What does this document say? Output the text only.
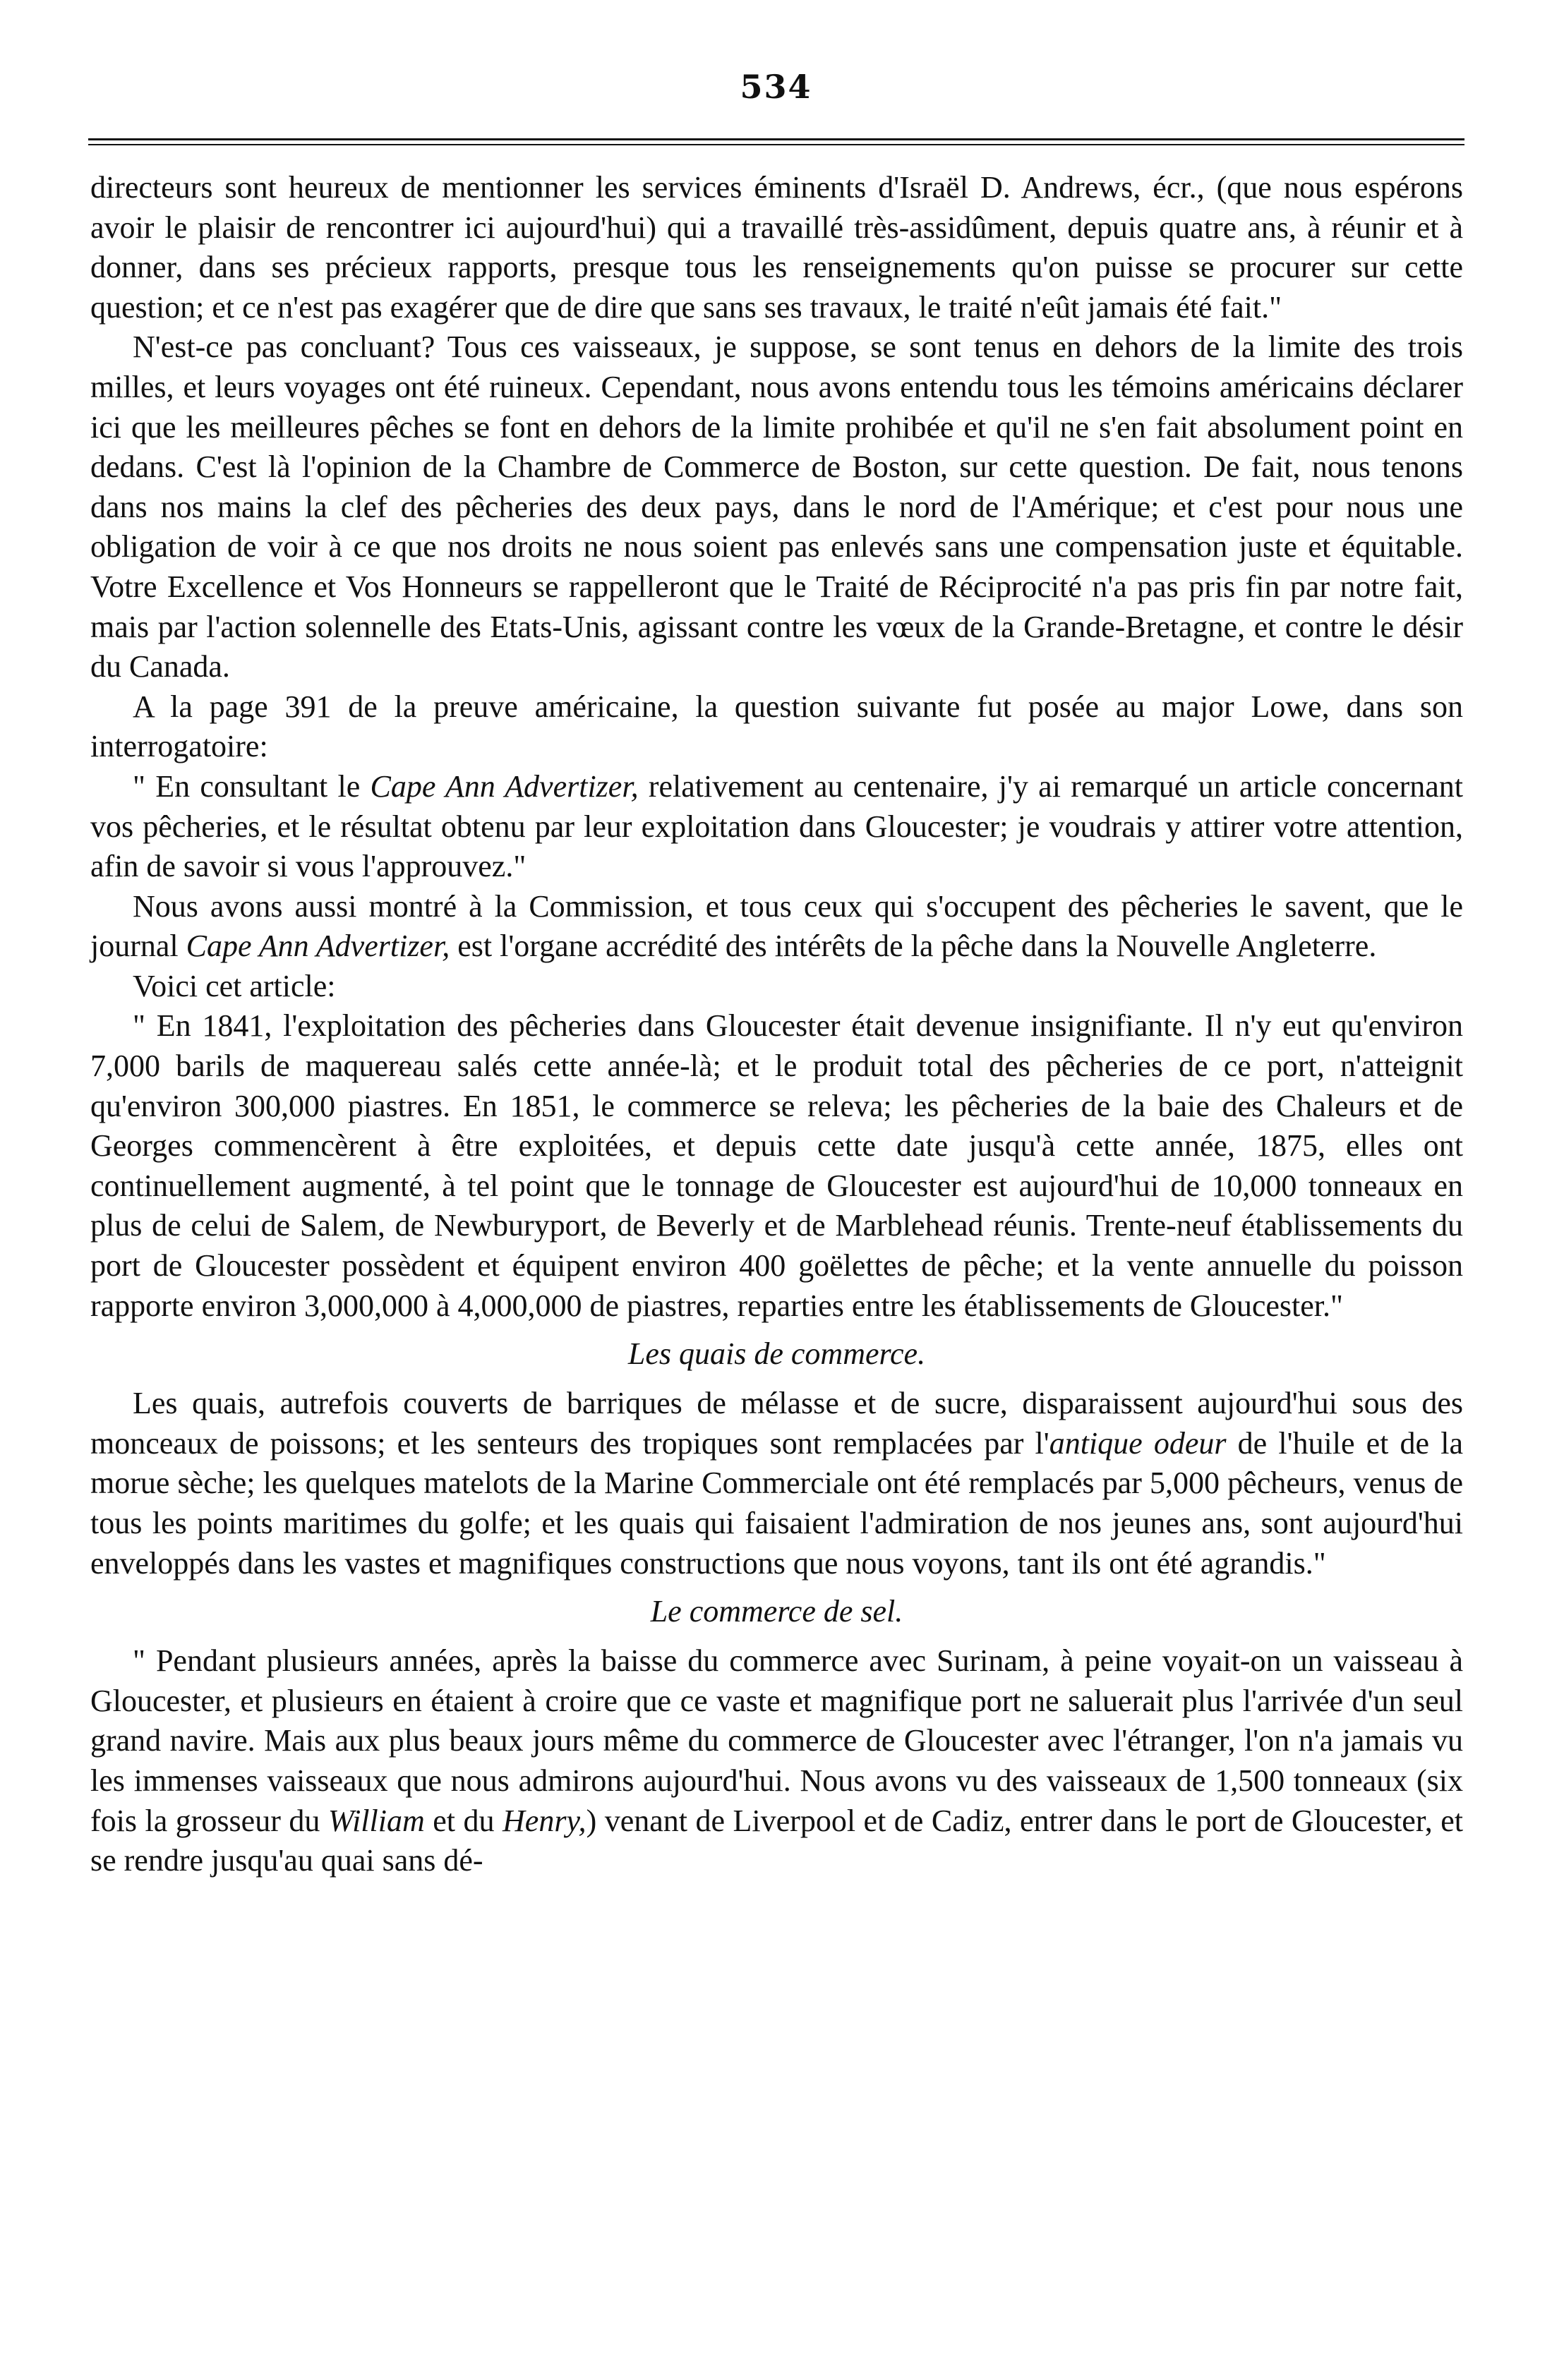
534

directeurs sont heureux de mentionner les services éminents d'Israël D. Andrews, écr., (que nous espérons avoir le plaisir de rencontrer ici aujourd'hui) qui a travaillé très-assidûment, depuis quatre ans, à réunir et à donner, dans ses précieux rapports, presque tous les renseignements qu'on puisse se procurer sur cette question; et ce n'est pas exagérer que de dire que sans ses travaux, le traité n'eût jamais été fait."

N'est-ce pas concluant? Tous ces vaisseaux, je suppose, se sont tenus en dehors de la limite des trois milles, et leurs voyages ont été ruineux. Cependant, nous avons entendu tous les témoins américains déclarer ici que les meilleures pêches se font en dehors de la limite prohibée et qu'il ne s'en fait absolument point en dedans. C'est là l'opinion de la Chambre de Commerce de Boston, sur cette question. De fait, nous tenons dans nos mains la clef des pêcheries des deux pays, dans le nord de l'Amérique; et c'est pour nous une obligation de voir à ce que nos droits ne nous soient pas enlevés sans une compensation juste et équitable. Votre Excellence et Vos Honneurs se rappelleront que le Traité de Réciprocité n'a pas pris fin par notre fait, mais par l'action solennelle des Etats-Unis, agissant contre les vœux de la Grande-Bretagne, et contre le désir du Canada.

A la page 391 de la preuve américaine, la question suivante fut posée au major Lowe, dans son interrogatoire:

" En consultant le Cape Ann Advertizer, relativement au centenaire, j'y ai remarqué un article concernant vos pêcheries, et le résultat obtenu par leur exploitation dans Gloucester; je voudrais y attirer votre attention, afin de savoir si vous l'approuvez."

Nous avons aussi montré à la Commission, et tous ceux qui s'occupent des pêcheries le savent, que le journal Cape Ann Advertizer, est l'organe accrédité des intérêts de la pêche dans la Nouvelle Angleterre.

Voici cet article:

" En 1841, l'exploitation des pêcheries dans Gloucester était devenue insignifiante. Il n'y eut qu'environ 7,000 barils de maquereau salés cette année-là; et le produit total des pêcheries de ce port, n'atteignit qu'environ 300,000 piastres. En 1851, le commerce se releva; les pêcheries de la baie des Chaleurs et de Georges commencèrent à être exploitées, et depuis cette date jusqu'à cette année, 1875, elles ont continuellement augmenté, à tel point que le tonnage de Gloucester est aujourd'hui de 10,000 tonneaux en plus de celui de Salem, de Newburyport, de Beverly et de Marblehead réunis. Trente-neuf établissements du port de Gloucester possèdent et équipent environ 400 goëlettes de pêche; et la vente annuelle du poisson rapporte environ 3,000,000 à 4,000,000 de piastres, reparties entre les établissements de Gloucester."

Les quais de commerce.

Les quais, autrefois couverts de barriques de mélasse et de sucre, disparaissent aujourd'hui sous des monceaux de poissons; et les senteurs des tropiques sont remplacées par l'antique odeur de l'huile et de la morue sèche; les quelques matelots de la Marine Commerciale ont été remplacés par 5,000 pêcheurs, venus de tous les points maritimes du golfe; et les quais qui faisaient l'admiration de nos jeunes ans, sont aujourd'hui enveloppés dans les vastes et magnifiques constructions que nous voyons, tant ils ont été agrandis."

Le commerce de sel.

" Pendant plusieurs années, après la baisse du commerce avec Surinam, à peine voyait-on un vaisseau à Gloucester, et plusieurs en étaient à croire que ce vaste et magnifique port ne saluerait plus l'arrivée d'un seul grand navire. Mais aux plus beaux jours même du commerce de Gloucester avec l'étranger, l'on n'a jamais vu les immenses vaisseaux que nous admirons aujourd'hui. Nous avons vu des vaisseaux de 1,500 tonneaux (six fois la grosseur du William et du Henry,) venant de Liverpool et de Cadiz, entrer dans le port de Gloucester, et se rendre jusqu'au quai sans dé-
